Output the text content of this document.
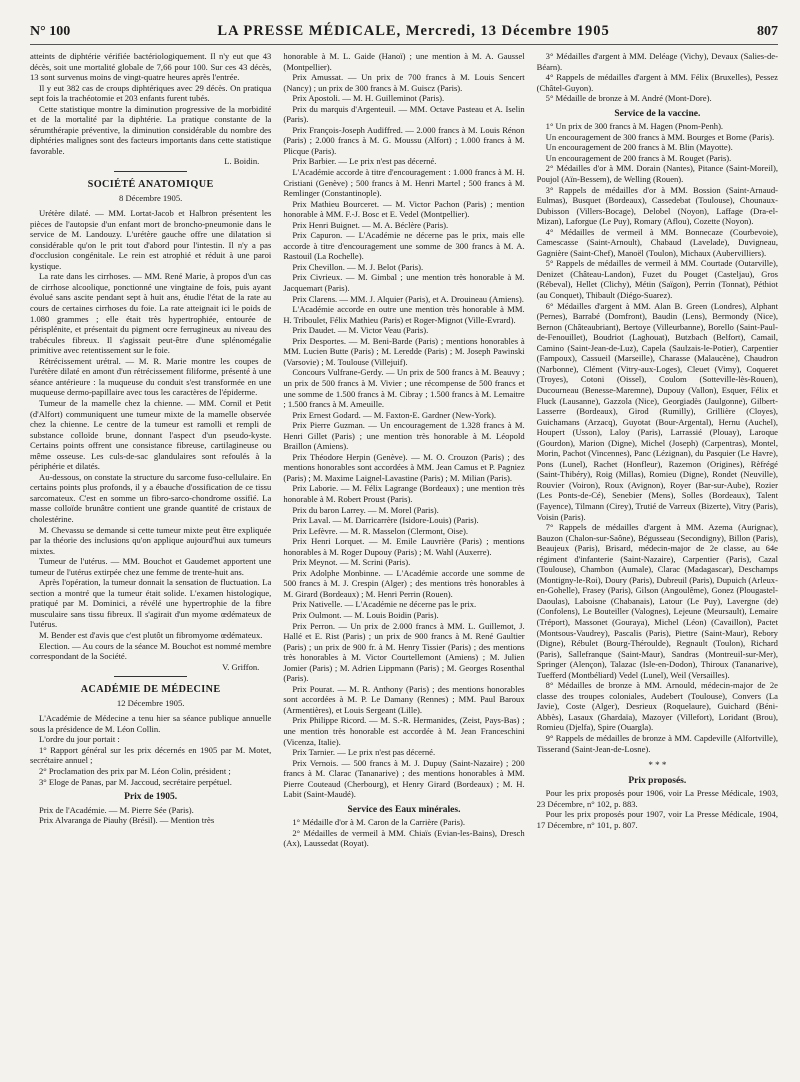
N° 100	LA PRESSE MÉDICALE, Mercredi, 13 Décembre 1905	807

atteints de diphtérie vérifiée bactériologiquement. Il n'y eut que 43 décès, soit une mortalité globale de 7,66 pour 100. Sur ces 43 décès, 13 sont survenus moins de vingt-quatre heures après l'entrée.

Il y eut 382 cas de croups diphtériques avec 29 décès. On pratiqua sept fois la trachéotomie et 203 enfants furent tubés.

Cette statistique montre la diminution progressive de la morbidité et de la mortalité par la diphtérie. La pratique constante de la sérumthérapie préventive, la diminution considérable du nombre des diphtéries malignes sont des facteurs importants dans cette statistique favorable.

L. Boidin.

SOCIÉTÉ ANATOMIQUE
8 Décembre 1905.

Urétère dilaté. — MM. Lortat-Jacob et Halbron présentent les pièces de l'autopsie d'un enfant mort de broncho-pneumonie dans le service de M. Landouzy. L'urétère gauche offre une dilatation si considérable qu'on le prit tout d'abord pour l'intestin. Il n'y a pas d'occlusion congénitale. Le rein est atrophié et réduit à une paroi kystique.

La rate dans les cirrhoses. — MM. René Marie, à propos d'un cas de cirrhose alcoolique, ponctionné une vingtaine de fois, puis ayant évolué sans ascite pendant sept à huit ans, étudie l'état de la rate au cours de certaines cirrhoses du foie. La rate atteignait ici le poids de 1.080 grammes ; elle était très hypertrophiée, entourée de périsplénite, et présentait du pigment ocre ferrugineux au niveau des trabécules fibreux. Il s'agissait peut-être d'une splénomégalie primitive avec retentissement sur le foie.

Rétrécissement urétral. — M. R. Marie montre les coupes de l'urétère dilaté en amont d'un rétrécissement filiforme, présenté à une séance antérieure : la muqueuse du conduit s'est transformée en une muqueuse dermo-papillaire avec tous les caractères de l'épiderme.

Tumeur de la mamelle chez la chienne. — MM. Cornil et Petit (d'Alfort) communiquent une tumeur mixte de la mamelle observée chez la chienne. Le centre de la tumeur est ramolli et rempli de substance colloïde brune, donnant l'aspect d'un pseudo-kyste. Certains points offrent une consistance fibreuse, cartilagineuse ou même osseuse. Les culs-de-sac glandulaires sont refoulés à la périphérie et dilatés.

Au-dessous, on constate la structure du sarcome fuso-cellulaire. En certains points plus profonds, il y a ébauche d'ossification de ce tissu sarcomateux. C'est en somme un fibro-sarco-chondrome ossifié. La masse colloïde brunâtre contient une grande quantité de cristaux de cholestérine.

M. Chevassu se demande si cette tumeur mixte peut être expliquée par la théorie des inclusions qu'on applique aujourd'hui aux tumeurs mixtes.

Tumeur de l'utérus. — MM. Bouchot et Gaudemet apportent une tumeur de l'utérus extirpée chez une femme de trente-huit ans.

Après l'opération, la tumeur donnait la sensation de fluctuation. La section a montré que la tumeur était solide. L'examen histologique, pratiqué par M. Dominici, a révélé une hypertrophie de la fibre musculaire sans tissu fibreux. Il s'agirait d'un myome œdémateux de l'utérus.

M. Bender est d'avis que c'est plutôt un fibromyome œdémateux.

Election. — Au cours de la séance M. Bouchot est nommé membre correspondant de la Société.

V. Griffon.

ACADÉMIE DE MÉDECINE
12 Décembre 1905.

L'Académie de Médecine a tenu hier sa séance publique annuelle sous la présidence de M. Léon Collin.

L'ordre du jour portait :

1° Rapport général sur les prix décernés en 1905 par M. Motet, secrétaire annuel ;

2° Proclamation des prix par M. Léon Colin, président ;

3° Eloge de Panas, par M. Jaccoud, secrétaire perpétuel.

Prix de 1905.

Prix de l'Académie. — M. Pierre Sée (Paris).

Prix Alvaranga de Piauhy (Brésil). — Mention très

honorable à M. L. Gaide (Hanoï) ; une mention à M. A. Gaussel (Montpellier).

Prix Amussat. — Un prix de 700 francs à M. Louis Sencert (Nancy) ; un prix de 300 francs à M. Guiscz (Paris).

Prix Apostoli. — M. H. Guilleminot (Paris).

Prix du marquis d'Argenteuil. — MM. Octave Pasteau et A. Iselin (Paris).

Prix François-Joseph Audiffred. — 2.000 francs à M. Louis Rénon (Paris) ; 2.000 francs à M. G. Moussu (Alfort) ; 1.000 francs à M. Plicque (Paris).

Prix Barbier. — Le prix n'est pas décerné.

L'Académie accorde à titre d'encouragement : 1.000 francs à M. H. Cristiani (Genève) ; 500 francs à M. Henri Martel ; 500 francs à M. Remlinger (Constantinople).

Prix Mathieu Bourceret. — M. Victor Pachon (Paris) ; mention honorable à MM. F.-J. Bosc et E. Vedel (Montpellier).

Prix Henri Buignet. — M. A. Béclère (Paris).

Prix Capuron. — L'Académie ne décerne pas le prix, mais elle accorde à titre d'encouragement une somme de 300 francs à M. A. Rastouil (La Rochelle).

Prix Chevillon. — M. J. Belot (Paris).

Prix Civrieux. — M. Gimbal ; une mention très honorable à M. Jacquemart (Paris).

Prix Clarens. — MM. J. Alquier (Paris), et A. Drouineau (Amiens).

L'Académie accorde en outre une mention très honorable à MM. H. Triboulet, Félix Mathieu (Paris) et Roger-Mignot (Ville-Evrard).

Prix Daudet. — M. Victor Veau (Paris).

Prix Desportes. — M. Beni-Barde (Paris) ; mentions honorables à MM. Lucien Butte (Paris) ; M. Leredde (Paris) ; M. Joseph Pawinski (Varsovie) ; M. Toulouse (Villejuif).

Concours Vulfrane-Gerdy. — Un prix de 500 francs à M. Beauvy ; un prix de 500 francs à M. Vivier ; une récompense de 500 francs et une somme de 1.500 francs à M. Cibray ; 1.500 francs à M. Lemaitre ; 1.500 francs à M. Ameuille.

Prix Ernest Godard. — M. Faxton-E. Gardner (New-York).

Prix Pierre Guzman. — Un encouragement de 1.328 francs à M. Henri Gillet (Paris) ; une mention très honorable à M. Léopold Braillon (Amiens).

Prix Théodore Herpin (Genève). — M. O. Crouzon (Paris) ; des mentions honorables sont accordées à MM. Jean Camus et P. Pagniez (Paris) ; M. Maxime Laignel-Lavastine (Paris) ; M. Milian (Paris).

Prix Laborie. — M. Félix Lagrange (Bordeaux) ; une mention très honorable à M. Robert Proust (Paris).

Prix du baron Larrey. — M. Morel (Paris).

Prix Laval. — M. Darricarrère (Isidore-Louis) (Paris).

Prix Lefèvre. — M. R. Masselon (Clermont, Oise).

Prix Henri Lorquet. — M. Emile Lauvrière (Paris) ; mentions honorables à M. Roger Dupouy (Paris) ; M. Wahl (Auxerre).

Prix Meynot. — M. Scrini (Paris).

Prix Adolphe Monbinne. — L'Académie accorde une somme de 500 francs à M. J. Crespin (Alger) ; des mentions très honorables à M. Girard (Bordeaux) ; M. Henri Perrin (Rouen).

Prix Nativelle. — L'Académie ne décerne pas le prix.

Prix Oulmont. — M. Louis Boidin (Paris).

Prix Perron. — Un prix de 2.000 francs à MM. L. Guillemot, J. Hallé et E. Rist (Paris) ; un prix de 900 francs à M. René Gaultier (Paris) ; un prix de 900 fr. à M. Henry Tissier (Paris) ; des mentions très honorables à M. Victor Courtellemont (Amiens) ; M. Julien Jomier (Paris) ; M. Adrien Lippmann (Paris) ; M. Georges Rosenthal (Paris).

Prix Pourat. — M. R. Anthony (Paris) ; des mentions honorables sont accordées à M. P. Le Damany (Rennes) ; MM. Paul Baroux (Armentières), et Louis Sergeant (Lille).

Prix Philippe Ricord. — M. S.-R. Hermanides, (Zeist, Pays-Bas) ; une mention très honorable est accordée à M. Jean Franceschini (Vicenza, Italie).

Prix Tarnier. — Le prix n'est pas décerné.

Prix Vernois. — 500 francs à M. J. Dupuy (Saint-Nazaire) ; 200 francs à M. Clarac (Tananarive) ; des mentions honorables à MM. Pierre Couteaud (Cherbourg), et Henry Girard (Bordeaux) ; M. H. Labit (Saint-Maudé).

Service des Eaux minérales.

1° Médaille d'or à M. Caron de la Carrière (Paris).

2° Médailles de vermeil à MM. Chiaïs (Evian-les-Bains), Dresch (Ax), Laussedat (Royat).

3° Médailles d'argent à MM. Deléage (Vichy), Devaux (Salies-de-Béarn).

4° Rappels de médailles d'argent à MM. Félix (Bruxelles), Pessez (Châtel-Guyon).

5° Médaille de bronze à M. André (Mont-Dore).

Service de la vaccine.

1° Un prix de 300 francs à M. Hagen (Pnom-Penh).

Un encouragement de 300 francs à MM. Bourges et Borne (Paris).

Un encouragement de 200 francs à M. Blin (Mayotte).

Un encouragement de 200 francs à M. Rouget (Paris).

2° Médailles d'or à MM. Dorain (Nantes), Pitance (Saint-Moreil), Poujol (Aïn-Bessem), de Welling (Rouen).

3° Rappels de médailles d'or à MM. Bossion (Saint-Arnaud-Eulmas), Busquet (Bordeaux), Cassedebat (Toulouse), Chounaux-Dubisson (Villers-Bocage), Delobel (Noyon), Laffage (Dra-el-Mizan), Laforgue (Le Puy), Romary (Aflou), Cozette (Noyon).

4° Médailles de vermeil à MM. Bonnecaze (Courbevoie), Camescasse (Saint-Arnoult), Chabaud (Lavelade), Duvigneau, Gagnière (Saint-Chef), Manoël (Toulon), Michaux (Aubervilliers).

5° Rappels de médailles de vermeil à MM. Courtade (Outarville), Denizet (Château-Landon), Fuzet du Pouget (Casteljau), Gros (Rébeval), Hellet (Clichy), Métin (Saïgon), Perrin (Tonnat), Péthiot (au Conquet), Thibault (Diégo-Suarez).

6° Médailles d'argent à MM. Alan B. Green (Londres), Alphant (Pernes), Barrabé (Domfront), Baudin (Lens), Bermondy (Nice), Bernon (Châteaubriant), Bertoye (Villeurbanne), Borello (Saint-Paul-de-Fenouillet), Boudriot (Laghouat), Butzbach (Belfort), Camail, Camino (Saint-Jean-de-Luz), Capela (Saulzais-le-Potier), Carpentier (Fampoux), Cassueil (Marseille), Charasse (Malaucène), Chaudron (Narbonne), Clément (Vitry-aux-Loges), Cleuet (Vimy), Coqueret (Troyes), Cotoni (Oissel), Coulom (Sotteville-lès-Rouen), Ducourneau (Benesse-Maremne), Dupouy (Vallon), Esquer, Félix et Fluck (Lausanne), Gazzola (Nice), Georgiadès (Jaulgonne), Gilbert-Lasserre (Bordeaux), Girod (Rumilly), Grillière (Cloyes), Guichamans (Arzacq), Guyotat (Bour-Argental), Hernu (Auchel), Houpert (Usson), Laloy (Paris), Larrassié (Plouay), Laroque (Gourdon), Marion (Digne), Michel (Joseph) (Carpentras), Montel, Morin, Pachot (Vincennes), Panc (Lézignan), du Pasquier (Le Havre), Pons (Lunel), Rachet (Honfleur), Razemon (Origines), Rèfrégé (Saint-Thibéry), Roig (Millas), Romieu (Digne), Rondet (Neuville), Rouvier (Voiron), Roux (Avignon), Royer (Bar-sur-Aube), Rozier (Les Ponts-de-Cé), Senebier (Mens), Solles (Bordeaux), Talent (Fayence), Tilmann (Cirey), Trutié de Varreux (Bizerte), Vitry (Paris), Voisin (Paris).

7° Rappels de médailles d'argent à MM. Azema (Aurignac), Bauzon (Chalon-sur-Saône), Bégusseau (Secondigny), Billon (Paris), Beaujeux (Paris), Brisard, médecin-major de 2e classe, au 64e régiment d'infanterie (Saint-Nazaire), Carpentier (Paris), Cazal (Toulouse), Chambon (Aumale), Clarac (Madagascar), Deschamps (Montigny-le-Roi), Doury (Paris), Dubreuil (Paris), Dupuich (Arleux-en-Gohelle), Frasey (Paris), Gilson (Angoulême), Gonez (Plougastel-Daoulas), Laboisne (Chabanais), Latour (Le Puy), Lavergne (de) (Confolens), Le Bouteiller (Valognes), Lejeune (Meursault), Lemaire (Tréport), Massonet (Gouraya), Michel (Léon) (Cavaillon), Pactet (Montsous-Vaudrey), Pascalis (Paris), Piettre (Saint-Maur), Rebory (Digne), Rébulet (Bourg-Théroulde), Regnault (Toulon), Richard (Paris), Sallefranque (Saint-Maur), Sandras (Montreuil-sur-Mer), Springer (Alençon), Talazac (Isle-en-Dodon), Thiroux (Tananarive), Tuefferd (Montbéliard) Vedel (Lunel), Weil (Versailles).

8° Médailles de bronze à MM. Arnould, médecin-major de 2e classe des troupes coloniales, Audebert (Toulouse), Convers (La Javie), Coste (Alger), Desrieux (Roquelaure), Guichard (Béni-Abbès), Lasaux (Ghardaïa), Mazoyer (Villefort), Loridant (Brou), Romieu (Djelfa), Spire (Ouargla).

9° Rappels de médailles de bronze à MM. Capdeville (Alfortville), Tisserand (Saint-Jean-de-Losne).

* * *
Prix proposés.

Pour les prix proposés pour 1906, voir La Presse Médicale, 1903, 23 Décembre, n° 102, p. 883.

Pour les prix proposés pour 1907, voir La Presse Médicale, 1904, 17 Décembre, n° 101, p. 807.
